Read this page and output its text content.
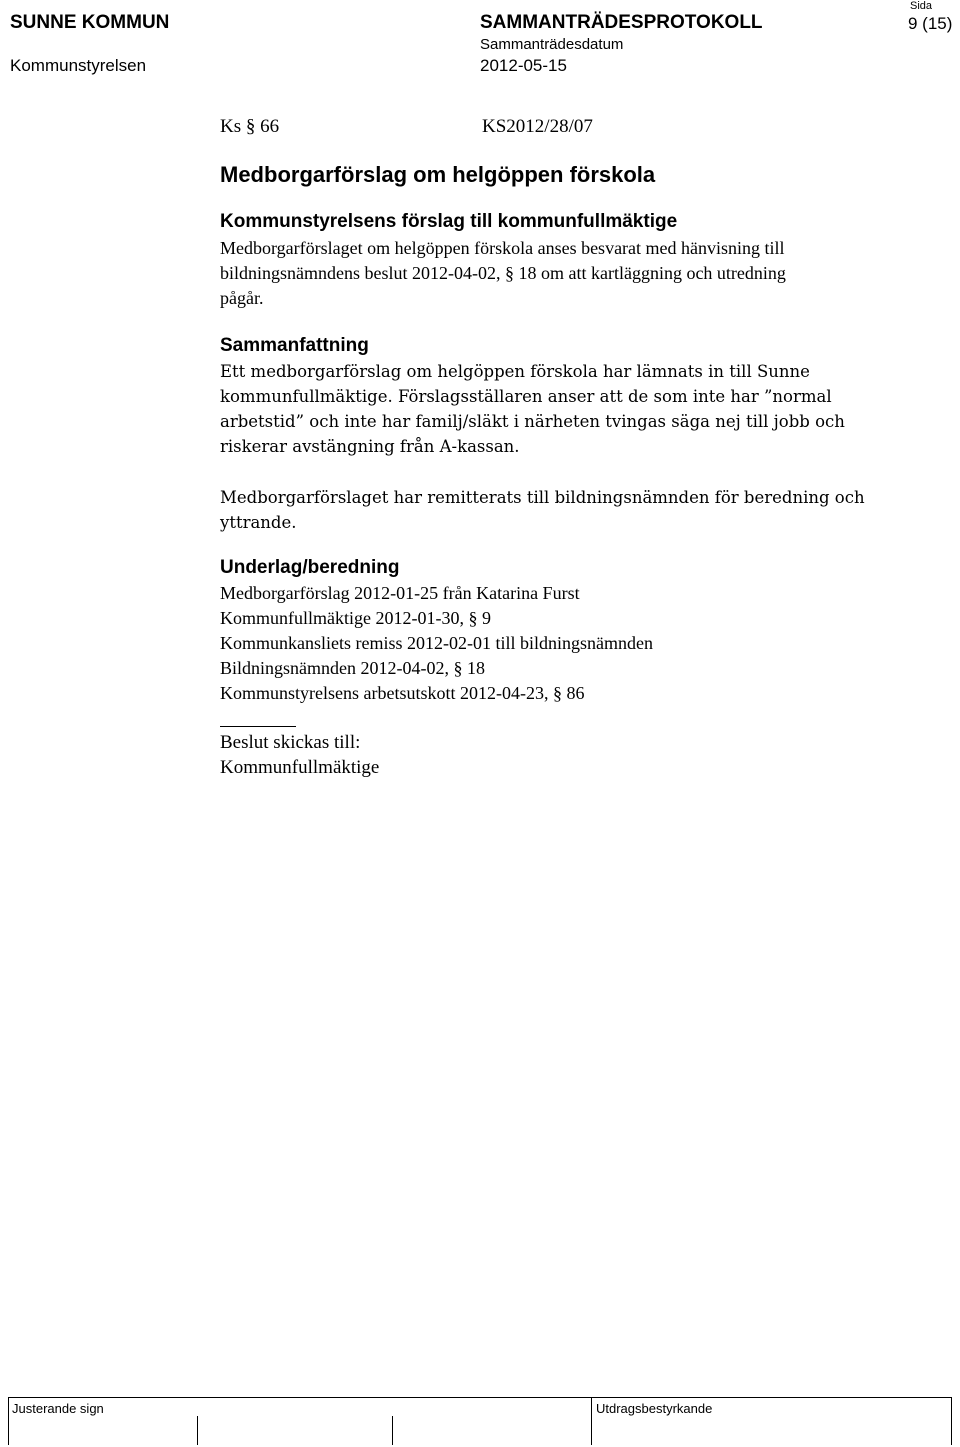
SUNNE KOMMUN
Kommunstyrelsen
SAMMANTRÄDESPROTOKOLL
Sammanträdesdatum
2012-05-15
Sida
9 (15)
Ks § 66	KS2012/28/07
Medborgarförslag om helgöppen förskola
Kommunstyrelsens förslag till kommunfullmäktige
Medborgarförslaget om helgöppen förskola anses besvarat med hänvisning till
bildningsnämndens beslut 2012-04-02, § 18 om att kartläggning och utredning
pågår.
Sammanfattning
Ett medborgarförslag om helgöppen förskola har lämnats in till Sunne
kommunfullmäktige. Förslagsställaren anser att de som inte har ”normal
arbetstid” och inte har familj/släkt i närheten tvingas säga nej till jobb och
riskerar avstängning från A-kassan.
Medborgarförslaget har remitterats till bildningsnämnden för beredning och
yttrande.
Underlag/beredning
Medborgarförslag 2012-01-25 från Katarina Furst
Kommunfullmäktige 2012-01-30, § 9
Kommunkansliets remiss 2012-02-01 till bildningsnämnden
Bildningsnämnden 2012-04-02, § 18
Kommunstyrelsens arbetsutskott 2012-04-23, § 86
Beslut skickas till:
Kommunfullmäktige
Justerande sign	Utdragsbestyrkande
